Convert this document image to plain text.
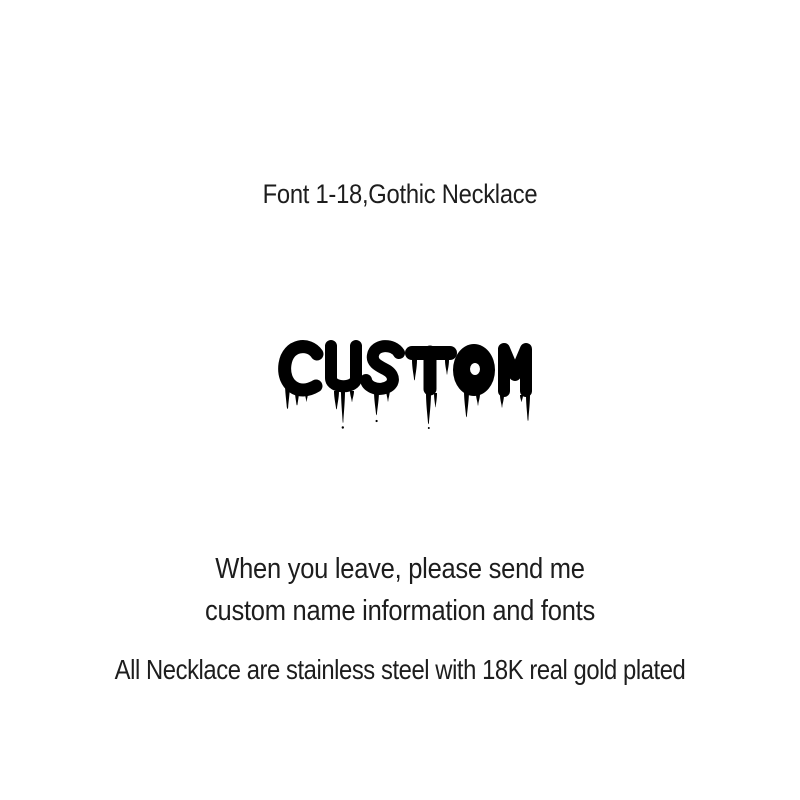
Font 1-18,Gothic Necklace
When you leave, please send me
custom name information and fonts
All Necklace are stainless steel with 18K real gold plated
